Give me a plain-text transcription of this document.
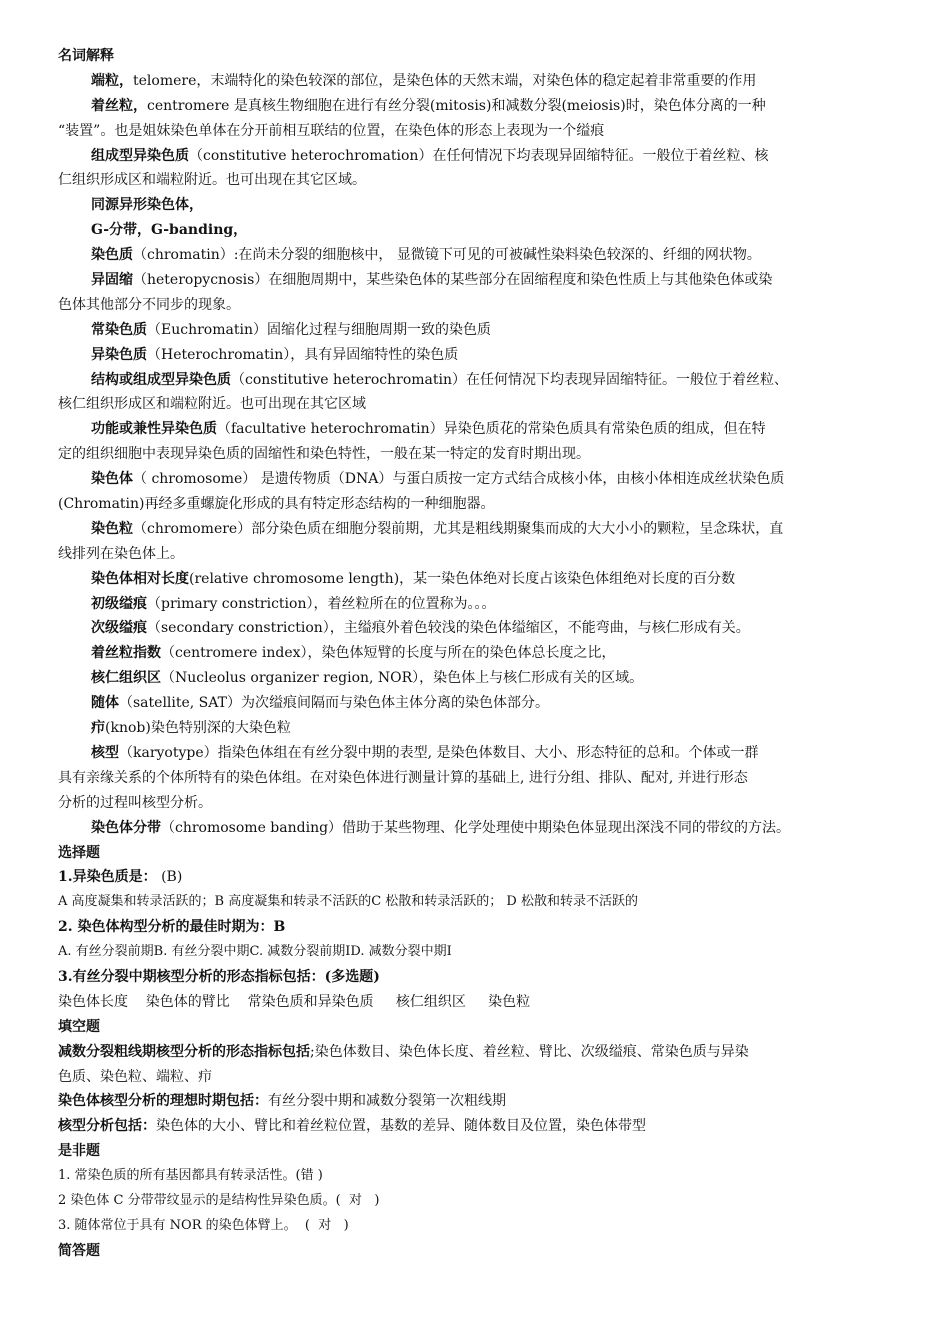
名词解释
端粒，telomere，末端特化的染色较深的部位，是染色体的天然末端，对染色体的稳定起着非常重要的作用
着丝粒，centromere 是真核生物细胞在进行有丝分裂(mitosis)和减数分裂(meiosis)时，染色体分离的一种
“装置”。也是姐妹染色单体在分开前相互联结的位置，在染色体的形态上表现为一个缢痕
组成型异染色质（constitutive heterochromation）在任何情况下均表现异固缩特征。一般位于着丝粒、核
仁组织形成区和端粒附近。也可出现在其它区域。
同源异形染色体，
G-分带，G-banding，
染色质（chromatin）:在尚未分裂的细胞核中， 显微镜下可见的可被碱性染料染色较深的、纤细的网状物。
异固缩（heteropycnosis）在细胞周期中，某些染色体的某些部分在固缩程度和染色性质上与其他染色体或染
色体其他部分不同步的现象。
常染色质（Euchromatin）固缩化过程与细胞周期一致的染色质
异染色质（Heterochromatin），具有异固缩特性的染色质
结构或组成型异染色质（constitutive heterochromatin）在任何情况下均表现异固缩特征。一般位于着丝粒、
核仁组织形成区和端粒附近。也可出现在其它区域
功能或兼性异染色质（facultative heterochromatin）异染色质花的常染色质具有常染色质的组成，但在特
定的组织细胞中表现异染色质的固缩性和染色特性，一般在某一特定的发育时期出现。
染色体（ chromosome） 是遗传物质（DNA）与蛋白质按一定方式结合成核小体，由核小体相连成丝状染色质
(Chromatin)再经多重螺旋化形成的具有特定形态结构的一种细胞器。
染色粒（chromomere）部分染色质在细胞分裂前期，尤其是粗线期聚集而成的大大小小的颗粒，呈念珠状，直
线排列在染色体上。
染色体相对长度(relative chromosome length)，某一染色体绝对长度占该染色体组绝对长度的百分数
初级缢痕（primary constriction），着丝粒所在的位置称为。。。
次级缢痕（secondary constriction），主缢痕外着色较浅的染色体缢缩区，不能弯曲，与核仁形成有关。
着丝粒指数（centromere index），染色体短臂的长度与所在的染色体总长度之比，
核仁组织区（Nucleolus organizer region, NOR），染色体上与核仁形成有关的区域。
随体（satellite, SAT）为次缢痕间隔而与染色体主体分离的染色体部分。
疖(knob)染色特别深的大染色粒
核型（karyotype）指染色体组在有丝分裂中期的表型, 是染色体数目、大小、形态特征的总和。个体或一群
具有亲缘关系的个体所特有的染色体组。在对染色体进行测量计算的基础上, 进行分组、排队、配对, 并进行形态
分析的过程叫核型分析。
染色体分带（chromosome banding）借助于某些物理、化学处理使中期染色体显现出深浅不同的带纹的方法。
选择题
1.异染色质是： (B)
A 高度凝集和转录活跃的；B 高度凝集和转录不活跃的C 松散和转录活跃的； D 松散和转录不活跃的
2. 染色体构型分析的最佳时期为：B
A. 有丝分裂前期B. 有丝分裂中期C. 减数分裂前期ID. 减数分裂中期I
3.有丝分裂中期核型分析的形态指标包括：(多选题)
染色体长度    染色体的臂比    常染色质和异染色质     核仁组织区     染色粒
填空题
减数分裂粗线期核型分析的形态指标包括;染色体数目、染色体长度、着丝粒、臂比、次级缢痕、常染色质与异染
色质、染色粒、端粒、疖
染色体核型分析的理想时期包括：有丝分裂中期和减数分裂第一次粗线期
核型分析包括：染色体的大小、臂比和着丝粒位置，基数的差异、随体数目及位置，染色体带型
是非题
1. 常染色质的所有基因都具有转录活性。(错 )
2 染色体 C 分带带纹显示的是结构性异染色质。(  对   )
3. 随体常位于具有 NOR 的染色体臂上。  (  对   )
简答题
